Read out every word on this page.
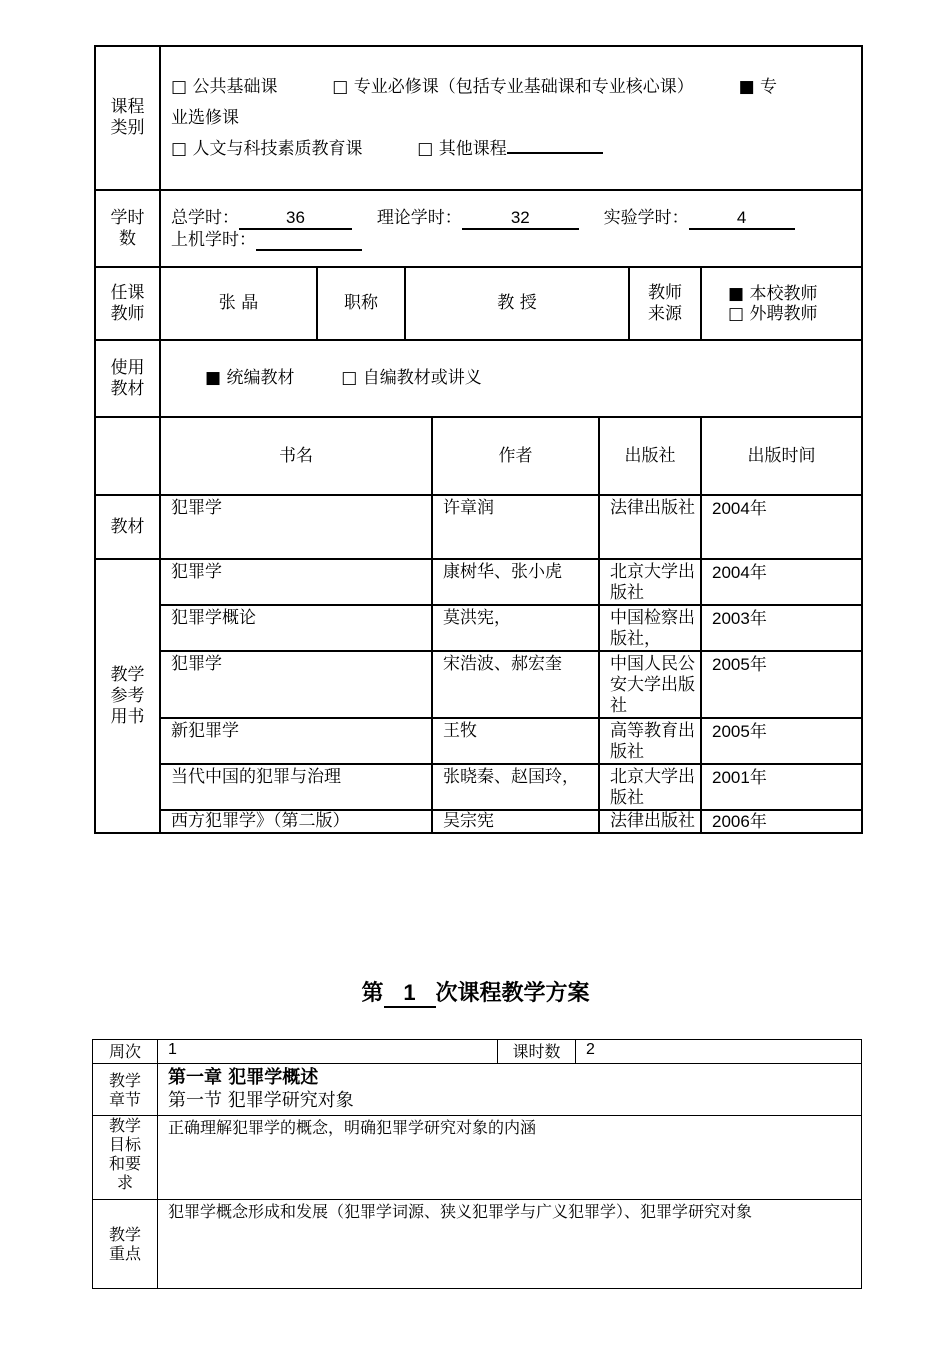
课程类别	□ 公共基础课 □ 专业必修课（包括专业基础课和专业核心课） ■ 专
业选修课
□ 人文与科技素质教育课 □ 其他课程						

学时数	总学时： 36 理论学时： 32 实验学时： 4
上机学时：						

任课教师	张 晶	职称	教 授			教师来源	■ 本校教师
□ 外聘教师

使用教材	■ 统编教材 □ 自编教材或讲义						
	书名			作者	出版社		出版时间
教材	犯罪学			许章润	法律出版社		2004年
教学参考用书	犯罪学			康树华、张小虎	北京大学出版社		2004年
	犯罪学概论			莫洪宪，	中国检察出版社，		2003年
	犯罪学			宋浩波、郝宏奎	中国人民公安大学出版社		2005年
	新犯罪学			王牧	高等教育出版社		2005年
	当代中国的犯罪与治理			张晓秦、赵国玲，	北京大学出版社		2001年
	西方犯罪学》（第二版）			吴宗宪	法律出版社		2006年
第 1 次课程教学方案
周次	1	课时数	2
教学章节	第一章 犯罪学概述
第一节 犯罪学研究对象		

教学目标和要求	正确理解犯罪学的概念，明确犯罪学研究对象的内涵		
教学重点	犯罪学概念形成和发展（犯罪学词源、狭义犯罪学与广义犯罪学）、犯罪学研究对象		
